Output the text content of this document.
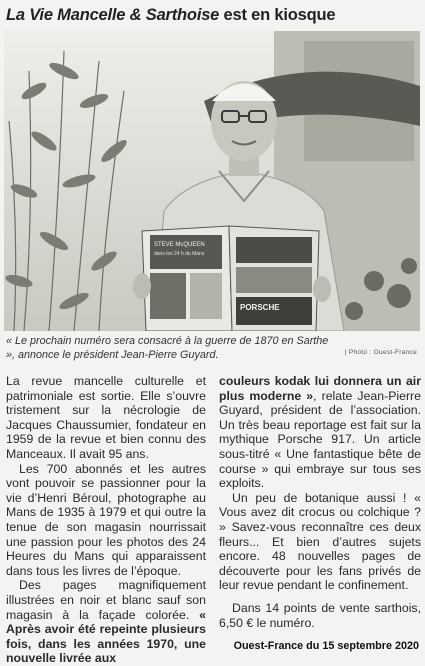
La Vie Mancelle & Sarthoise est en kiosque
STEVE McQUEEN
dans les 24 h du Mans
PORSCHE
« Le prochain numéro sera consacré à la guerre de 1870 en Sarthe », annonce le président Jean-Pierre Guyard.	| Photo : Ouest-France

La revue mancelle culturelle et patrimoniale est sortie. Elle s’ouvre tristement sur la nécrologie de Jacques Chaussumier, fondateur en 1959 de la revue et bien connu des Manceaux. Il avait 95 ans.

Les 700 abonnés et les autres vont pouvoir se passionner pour la vie d’Henri Béroul, photographe au Mans de 1935 à 1979 et qui outre la tenue de son magasin nourrissait une passion pour les photos des 24 Heures du Mans qui apparaissent dans tous les livres de l’époque.

Des pages magnifiquement illustrées en noir et blanc sauf son magasin à la façade colorée. « Après avoir été repeinte plusieurs fois, dans les années 1970, une nouvelle livrée aux

couleurs kodak lui donnera un air plus moderne », relate Jean-Pierre Guyard, président de l’association. Un très beau reportage est fait sur la mythique Porsche 917. Un article sous-titré « Une fantastique bête de course » qui embraye sur tous ses exploits.

Un peu de botanique aussi ! « Vous avez dit crocus ou colchique ? » Savez-vous reconnaître ces deux fleurs... Et bien d’autres sujets encore. 48 nouvelles pages de découverte pour les fans privés de leur revue pendant le confinement.

Dans 14 points de vente sarthois, 6,50 € le numéro.

Ouest-France du 15 septembre 2020
